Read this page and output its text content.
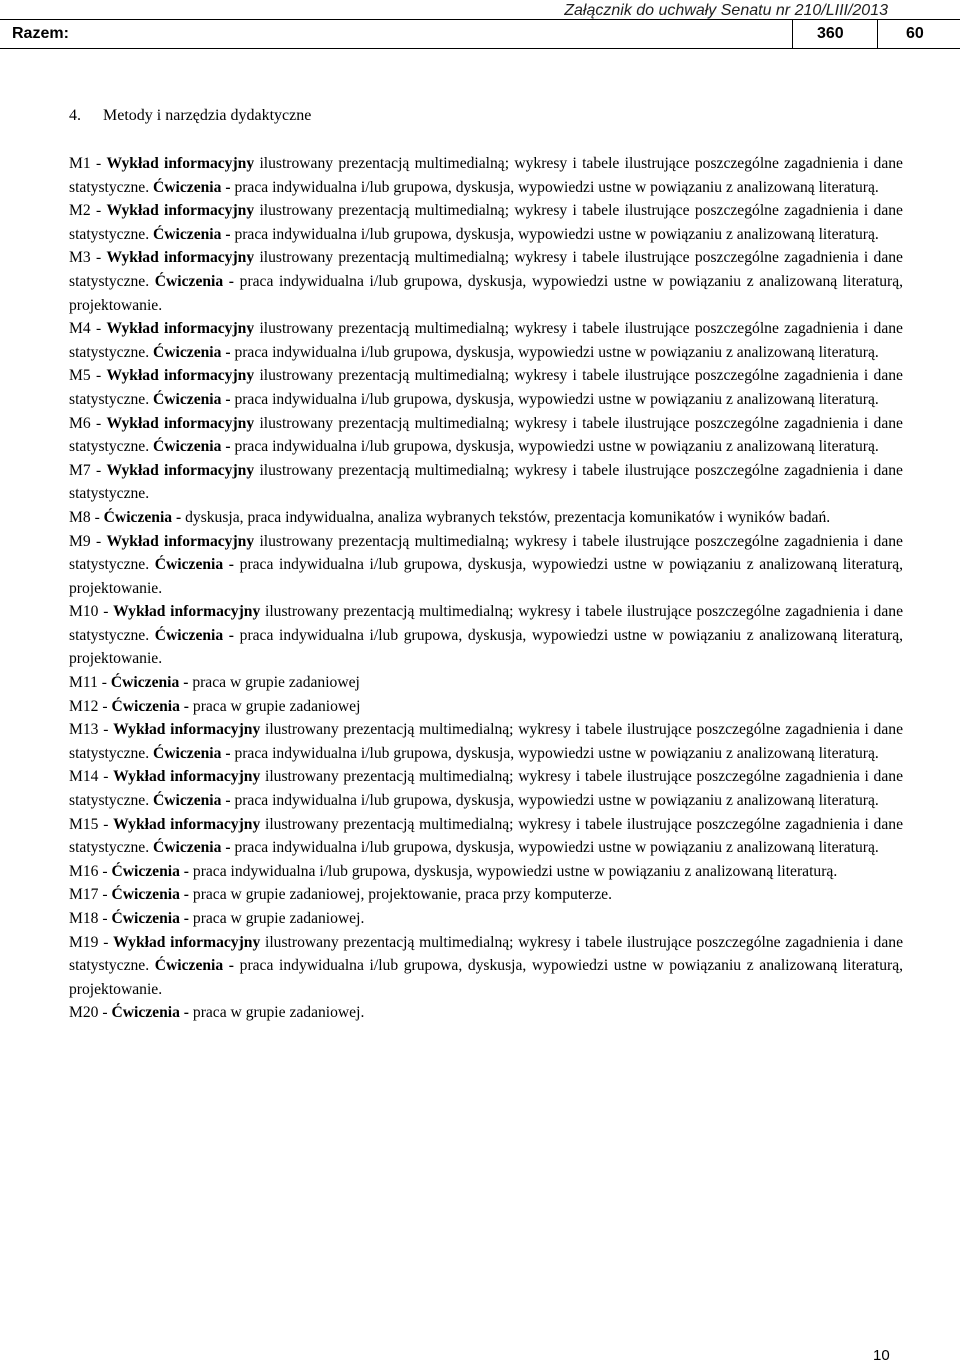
Załącznik do uchwały Senatu nr 210/LIII/2013
Razem:	360	60
4. Metody i narzędzia dydaktyczne

M1 - Wykład informacyjny ilustrowany prezentacją multimedialną; wykresy i tabele ilustrujące poszczególne zagadnienia i dane statystyczne. Ćwiczenia - praca indywidualna i/lub grupowa, dyskusja, wypowiedzi ustne w powiązaniu z analizowaną literaturą.

M2 - Wykład informacyjny ilustrowany prezentacją multimedialną; wykresy i tabele ilustrujące poszczególne zagadnienia i dane statystyczne. Ćwiczenia - praca indywidualna i/lub grupowa, dyskusja, wypowiedzi ustne w powiązaniu z analizowaną literaturą.

M3 - Wykład informacyjny ilustrowany prezentacją multimedialną; wykresy i tabele ilustrujące poszczególne zagadnienia i dane statystyczne. Ćwiczenia - praca indywidualna i/lub grupowa, dyskusja, wypowiedzi ustne w powiązaniu z analizowaną literaturą, projektowanie.

M4 - Wykład informacyjny ilustrowany prezentacją multimedialną; wykresy i tabele ilustrujące poszczególne zagadnienia i dane statystyczne. Ćwiczenia - praca indywidualna i/lub grupowa, dyskusja, wypowiedzi ustne w powiązaniu z analizowaną literaturą.

M5 - Wykład informacyjny ilustrowany prezentacją multimedialną; wykresy i tabele ilustrujące poszczególne zagadnienia i dane statystyczne. Ćwiczenia - praca indywidualna i/lub grupowa, dyskusja, wypowiedzi ustne w powiązaniu z analizowaną literaturą.

M6 - Wykład informacyjny ilustrowany prezentacją multimedialną; wykresy i tabele ilustrujące poszczególne zagadnienia i dane statystyczne. Ćwiczenia - praca indywidualna i/lub grupowa, dyskusja, wypowiedzi ustne w powiązaniu z analizowaną literaturą.

M7 - Wykład informacyjny ilustrowany prezentacją multimedialną; wykresy i tabele ilustrujące poszczególne zagadnienia i dane statystyczne.

M8 - Ćwiczenia - dyskusja, praca indywidualna, analiza wybranych tekstów, prezentacja komunikatów i wyników badań.

M9 - Wykład informacyjny ilustrowany prezentacją multimedialną; wykresy i tabele ilustrujące poszczególne zagadnienia i dane statystyczne. Ćwiczenia - praca indywidualna i/lub grupowa, dyskusja, wypowiedzi ustne w powiązaniu z analizowaną literaturą, projektowanie.

M10 - Wykład informacyjny ilustrowany prezentacją multimedialną; wykresy i tabele ilustrujące poszczególne zagadnienia i dane statystyczne. Ćwiczenia - praca indywidualna i/lub grupowa, dyskusja, wypowiedzi ustne w powiązaniu z analizowaną literaturą, projektowanie.

M11 - Ćwiczenia - praca w grupie zadaniowej

M12 - Ćwiczenia - praca w grupie zadaniowej

M13 - Wykład informacyjny ilustrowany prezentacją multimedialną; wykresy i tabele ilustrujące poszczególne zagadnienia i dane statystyczne. Ćwiczenia - praca indywidualna i/lub grupowa, dyskusja, wypowiedzi ustne w powiązaniu z analizowaną literaturą.

M14 - Wykład informacyjny ilustrowany prezentacją multimedialną; wykresy i tabele ilustrujące poszczególne zagadnienia i dane statystyczne. Ćwiczenia - praca indywidualna i/lub grupowa, dyskusja, wypowiedzi ustne w powiązaniu z analizowaną literaturą.

M15 - Wykład informacyjny ilustrowany prezentacją multimedialną; wykresy i tabele ilustrujące poszczególne zagadnienia i dane statystyczne. Ćwiczenia - praca indywidualna i/lub grupowa, dyskusja, wypowiedzi ustne w powiązaniu z analizowaną literaturą.

M16 - Ćwiczenia - praca indywidualna i/lub grupowa, dyskusja, wypowiedzi ustne w powiązaniu z analizowaną literaturą.

M17 - Ćwiczenia - praca w grupie zadaniowej, projektowanie, praca przy komputerze.

M18 - Ćwiczenia - praca w grupie zadaniowej.

M19 - Wykład informacyjny ilustrowany prezentacją multimedialną; wykresy i tabele ilustrujące poszczególne zagadnienia i dane statystyczne. Ćwiczenia - praca indywidualna i/lub grupowa, dyskusja, wypowiedzi ustne w powiązaniu z analizowaną literaturą, projektowanie.

M20 - Ćwiczenia - praca w grupie zadaniowej.

10
